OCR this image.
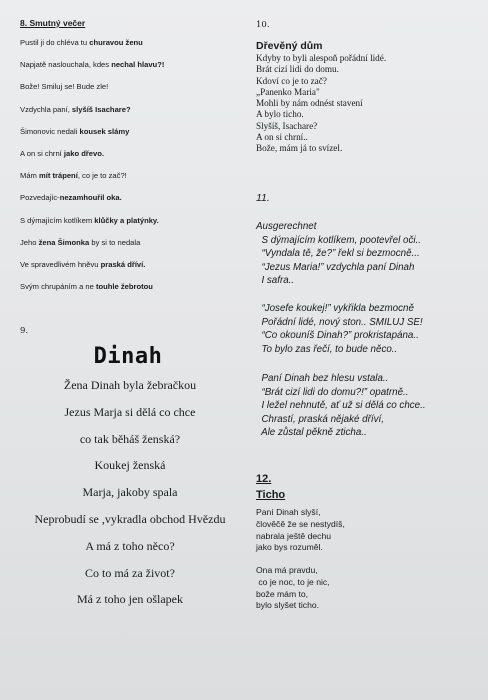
8. Smutný večer
Pustil ji do chléva tu churavou ženu
Napjatě naslouchala, kdes nechal hlavu?!
Bože! Smiluj se! Bude zle!
Vzdychla paní, slyšíš Isachare?
Šimonovic nedali kousek slámy
A on si chrní jako dřevo.
Mám mít trápení, co je to zač?!
Pozvedajíc-nezamhouřil oka.
S dýmajícím kotlíkem klůčky a platýnky.
Jeho žena Šimonka by si to nedala
Ve spravedlivém hněvu praská dříví.
Svým chrupáním a ne touhle žebrotou
9.
Dinah
Žena Dinah byla žebračkou
Jezus Marja si dělá co chce
co tak běháš ženská?
Koukej ženská
Marja, jakoby spala
Neprobudí se ,vykradla obchod Hvězdu
A má z toho něco?
Co to má za život?
Má z toho jen ošlapek
10.
Dřevěný dům
Kdyby to byli alespoň pořádní lidé.
Brát cizí lidi do domu.
Kdoví co je to zač?
„Panenko Maria"
Mohli by nám odnést stavení
A bylo ticho.
Slyšíš, Isachare?
A on si chrní..
Bože, mám já to svízel.
11.
Ausgerechnet
S dýmajícím kotlíkem, pootevřel oči..
“Vyndala tě, že?” řekl si bezmocně...
“Jezus Maria!” vzdychla paní Dinah
I safra..
“Josefe koukej!” vykřikla bezmocně
Pořádní lidé, nový ston.. SMILUJ SE!
“Co okouníš Dinah?” prokristapána..
To bylo zas řečí, to bude něco..
Paní Dinah bez hlesu vstala..
“Brát cizí lidi do domu?!” opatrně..
I ležel nehnutě, ať už si dělá co chce..
Chrastí, praská nějaké dříví,
Ale zůstal pěkně zticha..
12.
Ticho
Paní Dinah slyší,
člověčě že se nestydíš,
nabrala ještě dechu
jako bys rozuměl.
Ona má pravdu,
co je noc, to je nic,
bože mám to,
bylo slyšet ticho.
